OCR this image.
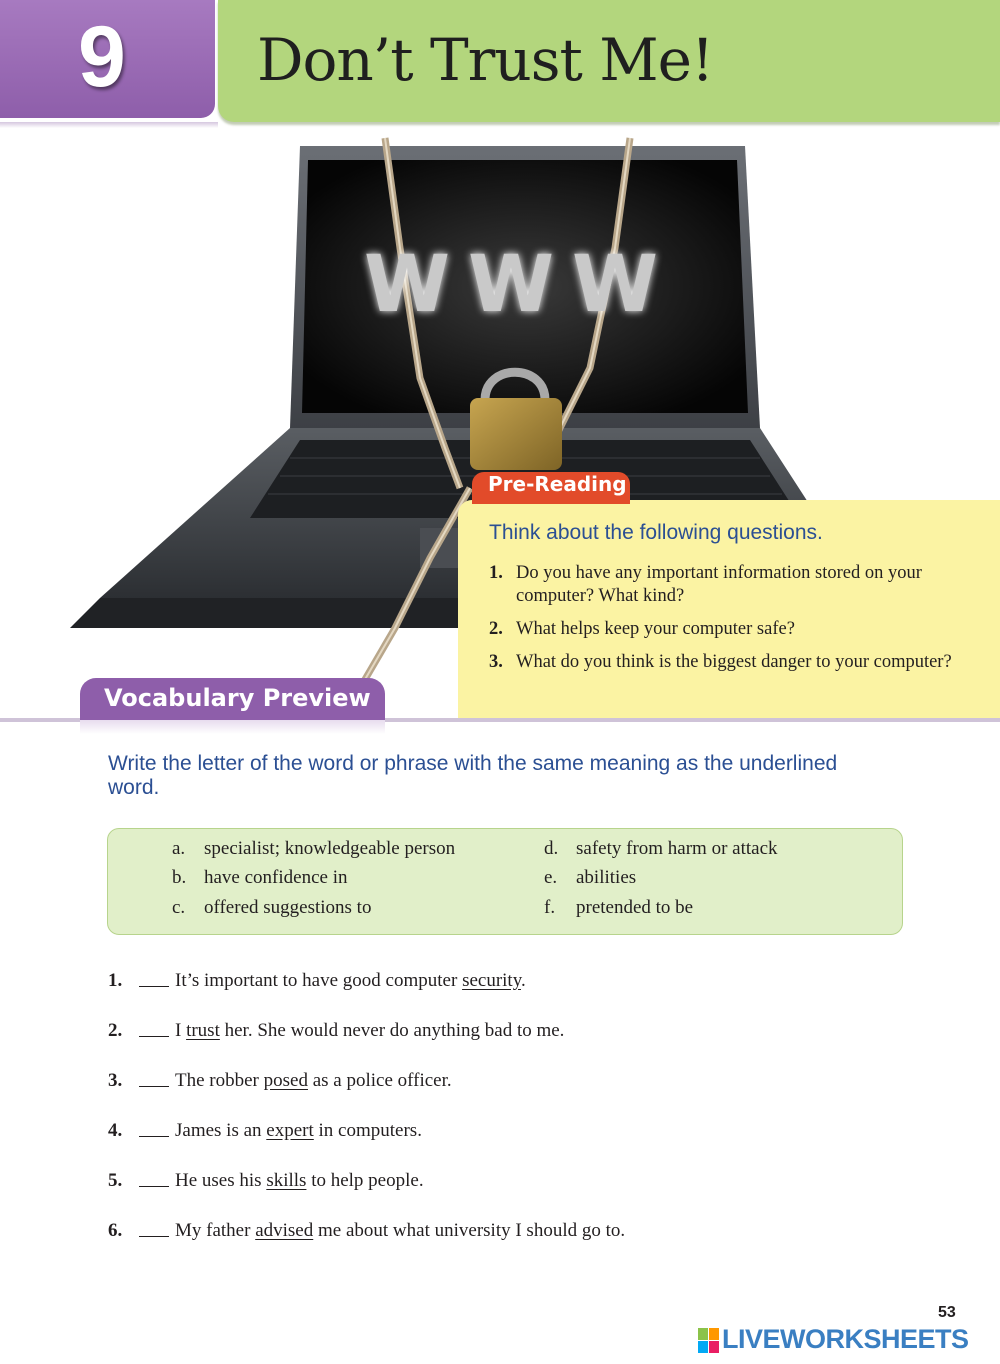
9 Don’t Trust Me!
WWW
Pre-Reading
Think about the following questions.
1. Do you have any important information stored on your computer? What kind?
2. What helps keep your computer safe?
3. What do you think is the biggest danger to your computer?
Vocabulary Preview
Write the letter of the word or phrase with the same meaning as the underlined word.
a. specialist; knowledgeable person
b. have confidence in
c. offered suggestions to
d. safety from harm or attack
e. abilities
f.	pretended to be
1.	It’s important to have good computer security.
2.	I trust her. She would never do anything bad to me.
3.	The robber posed as a police officer.
4.	James is an expert in computers.
5.	He uses his skills to help people.
6.	My father advised me about what university I should go to.
53
LIVEWORKSHEETS
